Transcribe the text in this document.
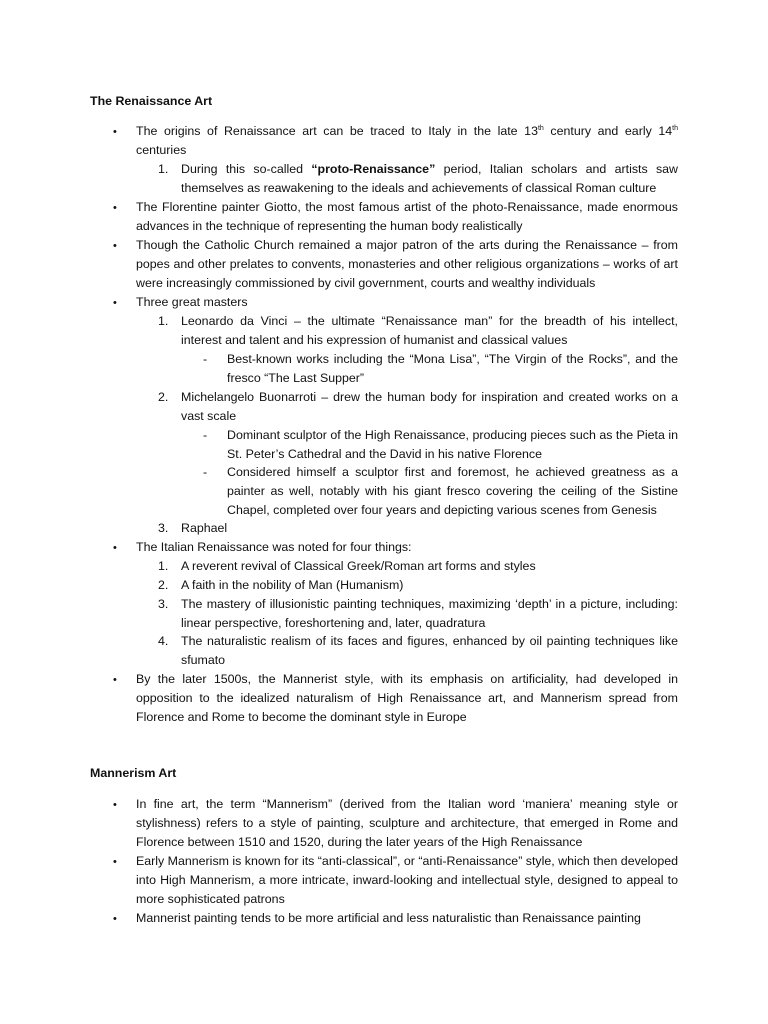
The Renaissance Art
• The origins of Renaissance art can be traced to Italy in the late 13th century and early 14th centuries

1. During this so-called “proto-Renaissance” period, Italian scholars and artists saw themselves as reawakening to the ideals and achievements of classical Roman culture

• The Florentine painter Giotto, the most famous artist of the photo-Renaissance, made enormous advances in the technique of representing the human body realistically

• Though the Catholic Church remained a major patron of the arts during the Renaissance – from popes and other prelates to convents, monasteries and other religious organizations – works of art were increasingly commissioned by civil government, courts and wealthy individuals

• Three great masters

1. Leonardo da Vinci – the ultimate “Renaissance man” for the breadth of his intellect, interest and talent and his expression of humanist and classical values

- Best-known works including the “Mona Lisa”, “The Virgin of the Rocks”, and the fresco “The Last Supper”

2. Michelangelo Buonarroti – drew the human body for inspiration and created works on a vast scale

- Dominant sculptor of the High Renaissance, producing pieces such as the Pieta in St. Peter’s Cathedral and the David in his native Florence

- Considered himself a sculptor first and foremost, he achieved greatness as a painter as well, notably with his giant fresco covering the ceiling of the Sistine Chapel, completed over four years and depicting various scenes from Genesis

3. Raphael

• The Italian Renaissance was noted for four things:

1. A reverent revival of Classical Greek/Roman art forms and styles

2. A faith in the nobility of Man (Humanism)

3. The mastery of illusionistic painting techniques, maximizing ‘depth’ in a picture, including: linear perspective, foreshortening and, later, quadratura

4. The naturalistic realism of its faces and figures, enhanced by oil painting techniques like sfumato

• By the later 1500s, the Mannerist style, with its emphasis on artificiality, had developed in opposition to the idealized naturalism of High Renaissance art, and Mannerism spread from Florence and Rome to become the dominant style in Europe

Mannerism Art
• In fine art, the term “Mannerism” (derived from the Italian word ‘maniera’ meaning style or stylishness) refers to a style of painting, sculpture and architecture, that emerged in Rome and Florence between 1510 and 1520, during the later years of the High Renaissance

• Early Mannerism is known for its “anti-classical”, or “anti-Renaissance” style, which then developed into High Mannerism, a more intricate, inward-looking and intellectual style, designed to appeal to more sophisticated patrons

• Mannerist painting tends to be more artificial and less naturalistic than Renaissance painting
